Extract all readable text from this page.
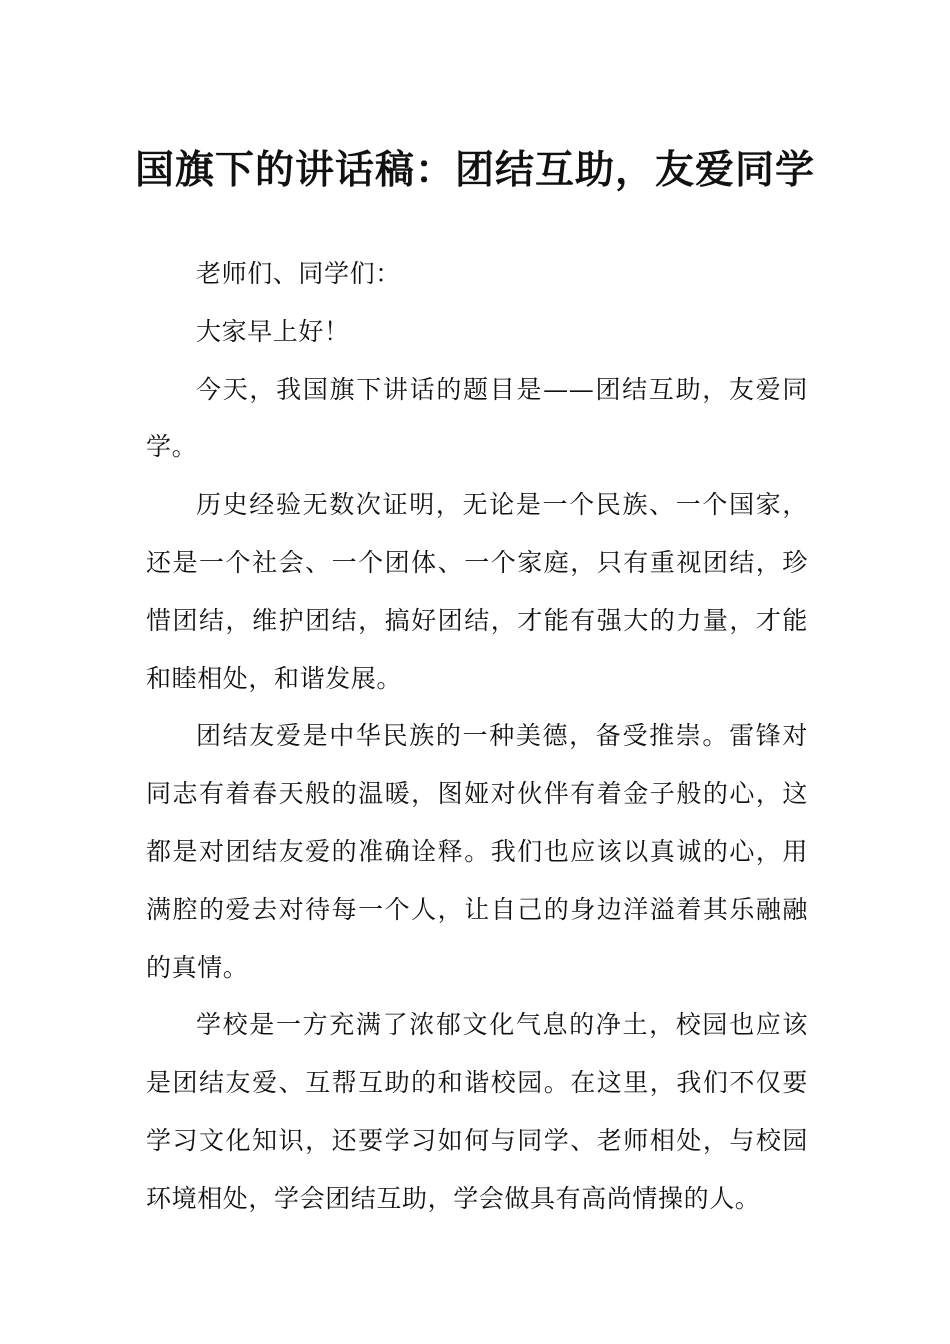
国旗下的讲话稿：团结互助，友爱同学

老师们、同学们：

大家早上好！

今天，我国旗下讲话的题目是——团结互助，友爱同学。

历史经验无数次证明，无论是一个民族、一个国家，还是一个社会、一个团体、一个家庭，只有重视团结，珍惜团结，维护团结，搞好团结，才能有强大的力量，才能和睦相处，和谐发展。

团结友爱是中华民族的一种美德，备受推崇。雷锋对同志有着春天般的温暖，图娅对伙伴有着金子般的心，这都是对团结友爱的准确诠释。我们也应该以真诚的心，用满腔的爱去对待每一个人，让自己的身边洋溢着其乐融融的真情。

学校是一方充满了浓郁文化气息的净土，校园也应该是团结友爱、互帮互助的和谐校园。在这里，我们不仅要学习文化知识，还要学习如何与同学、老师相处，与校园环境相处，学会团结互助，学会做具有高尚情操的人。
